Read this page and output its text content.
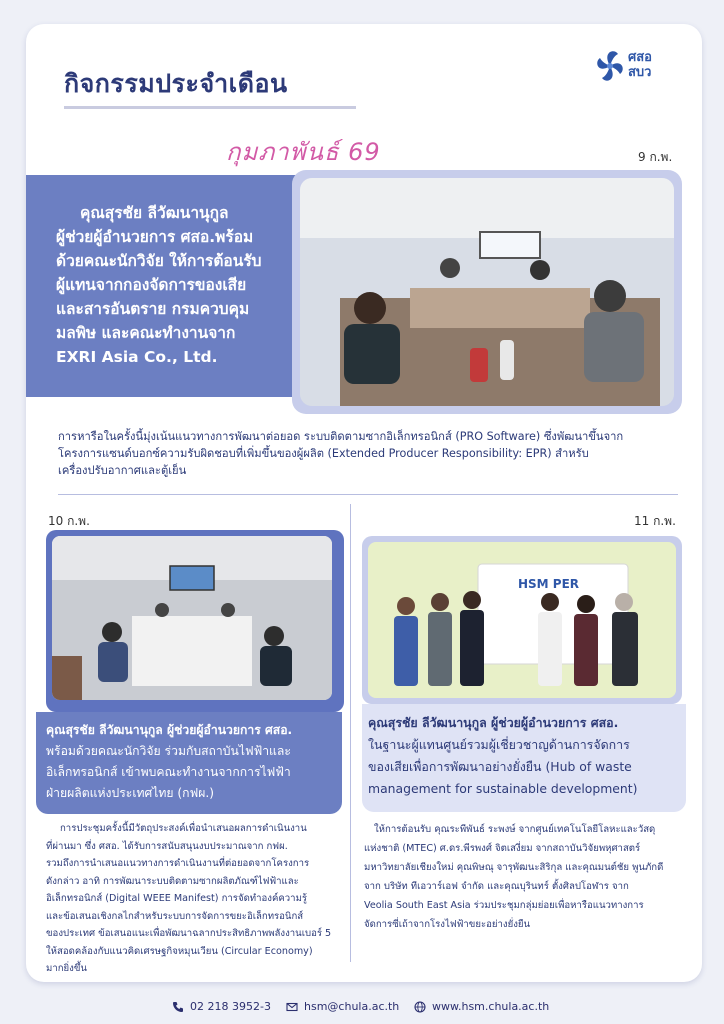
กิจกรรมประจำเดือน
กุมภาพันธ์ 69
ศสอ
สบว
9 ก.พ.
คุณสุรชัย ลีวัฒนานุกูล
ผู้ช่วยผู้อำนวยการ ศสอ.พร้อม
ด้วยคณะนักวิจัย ให้การต้อนรับ
ผู้แทนจากกองจัดการของเสีย
และสารอันตราย กรมควบคุม
มลพิษ และคณะทำงานจาก
EXRI Asia Co., Ltd.
การหารือในครั้งนี้มุ่งเน้นแนวทางการพัฒนาต่อยอด ระบบติดตามซากอิเล็กทรอนิกส์ (PRO Software) ซึ่งพัฒนาขึ้นจาก
โครงการแซนด์บอกซ์ความรับผิดชอบที่เพิ่มขึ้นของผู้ผลิต (Extended Producer Responsibility: EPR) สำหรับ
เครื่องปรับอากาศและตู้เย็น
10 ก.พ.
คุณสุรชัย ลีวัฒนานุกูล ผู้ช่วยผู้อำนวยการ ศสอ.
พร้อมด้วยคณะนักวิจัย ร่วมกับสถาบันไฟฟ้าและ
อิเล็กทรอนิกส์ เข้าพบคณะทำงานจากการไฟฟ้า
ฝ่ายผลิตแห่งประเทศไทย (กฟผ.)
การประชุมครั้งนี้มีวัตถุประสงค์เพื่อนำเสนอผลการดำเนินงาน
ที่ผ่านมา ซึ่ง ศสอ. ได้รับการสนับสนุนงบประมาณจาก กฟผ.
รวมถึงการนำเสนอแนวทางการดำเนินงานที่ต่อยอดจากโครงการ
ดังกล่าว อาทิ การพัฒนาระบบติดตามซากผลิตภัณฑ์ไฟฟ้าและ
อิเล็กทรอนิกส์ (Digital WEEE Manifest) การจัดทำองค์ความรู้
และข้อเสนอเชิงกลไกสำหรับระบบการจัดการขยะอิเล็กทรอนิกส์
ของประเทศ ข้อเสนอแนะเพื่อพัฒนาฉลากประสิทธิภาพพลังงานเบอร์ 5
ให้สอดคล้องกับแนวคิดเศรษฐกิจหมุนเวียน (Circular Economy)
มากยิ่งขึ้น
11 ก.พ.
HSM PER
คุณสุรชัย ลีวัฒนานุกูล ผู้ช่วยผู้อำนวยการ ศสอ.
ในฐานะผู้แทนศูนย์รวมผู้เชี่ยวชาญด้านการจัดการ
ของเสียเพื่อการพัฒนาอย่างยั่งยืน (Hub of waste
management for sustainable development)
ให้การต้อนรับ คุณระพีพันธ์ ระพงษ์ จากศูนย์เทคโนโลยีโลหะและวัสดุ
แห่งชาติ (MTEC) ศ.ดร.พีรพงศ์ จิตเสงี่ยม จากสถาบันวิจัยพหุศาสตร์
มหาวิทยาลัยเชียงใหม่ คุณพิษณุ จารุพัฒนะสิริกุล และคุณมนต์ชัย พูนภักดี
จาก บริษัท ทีเอวาร์เอฟ จำกัด และคุณบุรินทร์ ตั้งศิลปโอฬาร จาก
Veolia South East Asia ร่วมประชุมกลุ่มย่อยเพื่อหารือแนวทางการ
จัดการซี่เถ้าจากโรงไฟฟ้าขยะอย่างยั่งยืน
02 218 3952-3	hsm@chula.ac.th	www.hsm.chula.ac.th
